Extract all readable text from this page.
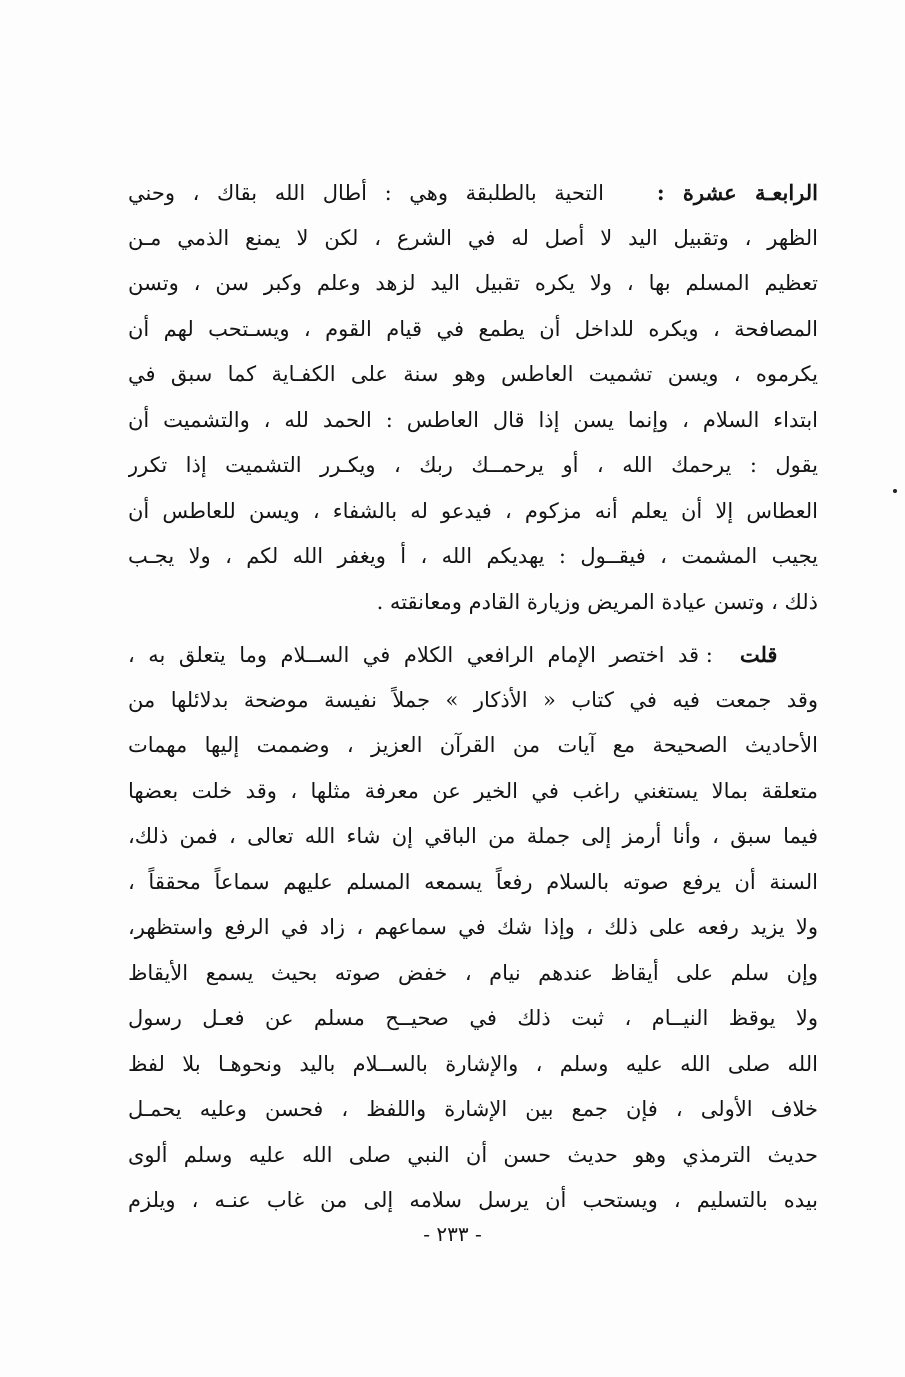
الرابعـة عشرة :   التحية بالطلبقة وهي : أطال الله بقاك ، وحني
الظهر ، وتقبيل اليد لا أصل له في الشرع ، لكن لا يمنع الذمي مـن
تعظيم المسلم بها ، ولا يكره تقبيل اليد لزهد وعلم وكبر سن ، وتسن
المصافحة ، ويكره للداخل أن يطمع في قيام القوم ، ويسـتحب لهم أن
يكرموه ، ويسن تشميت العاطس وهو سنة على الكفـاية كما سبق في
ابتداء السلام ، وإنما يسن إذا قال العاطس : الحمد لله ، والتشميت أن
يقول : يرحمك الله ، أو يرحمــك ربك ، ويكـرر التشميت إذا تكرر
العطاس إلا أن يعلم أنه مزكوم ، فيدعو له بالشفاء ، ويسن للعاطس أن
يجيب المشمت ، فيقــول : يهديكم الله ، أ ويغفر الله لكم ، ولا يجـب
ذلك ، وتسن عيادة المريض وزيارة القادم ومعانقته .
قلت  : قد اختصر الإمام الرافعي الكلام في الســلام وما يتعلق به ،
وقد جمعت فيه في كتاب « الأذكار » جملاً نفيسة موضحة بدلائلها من
الأحاديث الصحيحة مع آيات من القرآن العزيز ، وضممت إليها مهمات
متعلقة بمالا يستغني راغب في الخير عن معرفة مثلها ، وقد خلت بعضها
فيما سبق ، وأنا أرمز إلى جملة من الباقي إن شاء الله تعالى ، فمن ذلك،
السنة أن يرفع صوته بالسلام رفعاً يسمعه المسلم عليهم سماعاً محققاً ،
ولا يزيد رفعه على ذلك ، وإذا شك في سماعهم ، زاد في الرفع واستظهر،
وإن سلم على أيقاظ عندهم نيام ، خفض صوته بحيث يسمع الأيقاظ
ولا يوقظ النيــام ، ثبت ذلك في صحيــح مسلم عن فعـل رسول
الله صلى الله عليه وسلم ، والإشارة بالســلام باليد ونحوهـا بلا لفظ
خلاف الأولى ، فإن جمع بين الإشارة واللفظ ، فحسن وعليه يحمـل
حديث الترمذي وهو حديث حسن أن النبي صلى الله عليه وسلم ألوى
بيده بالتسليم ، ويستحب أن يرسل سلامه إلى من غاب عنـه ، ويلزم
- ٢٣٣ -
